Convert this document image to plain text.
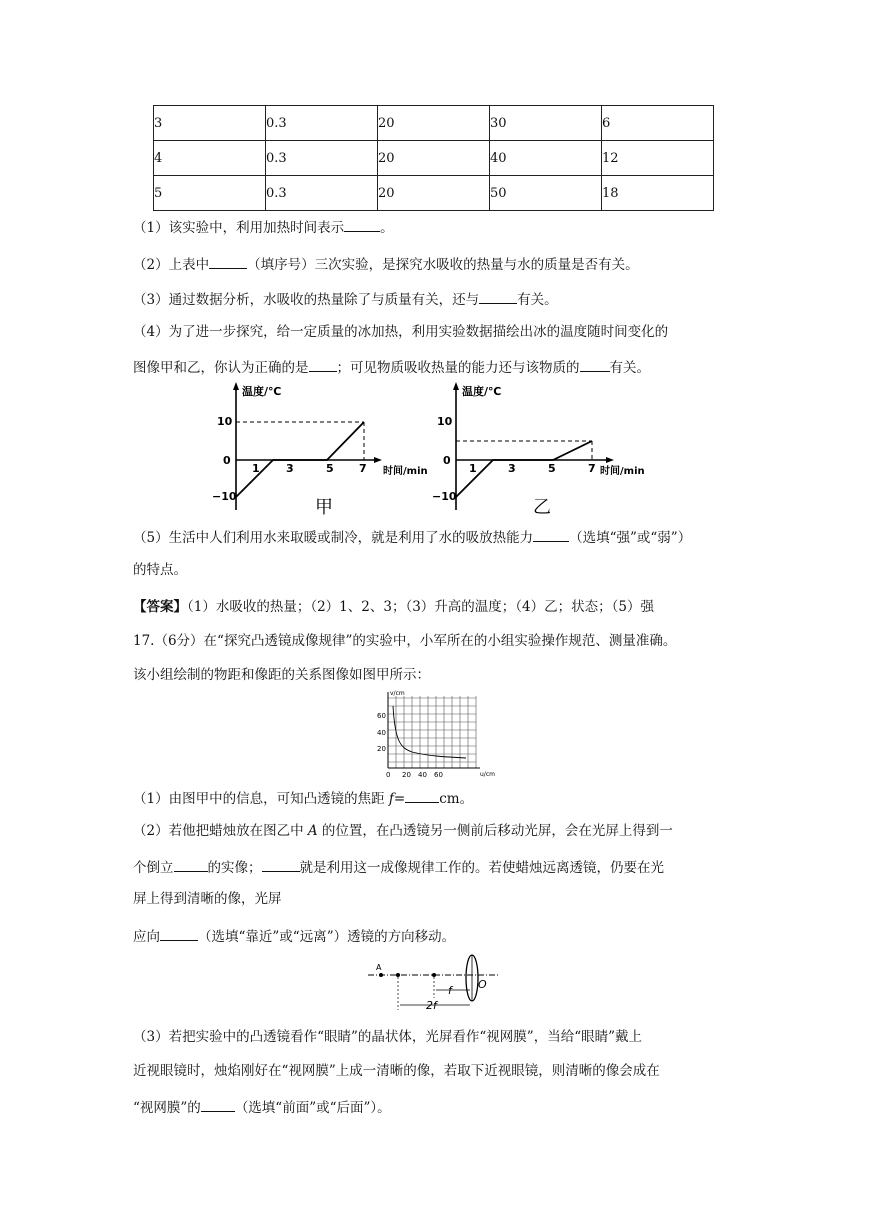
3	0.3	20	30	6
4	0.3	20	40	12
5	0.3	20	50	18
（1）该实验中，利用加热时间表示	。
（2）上表中	（填序号）三次实验，是探究水吸收的热量与水的质量是否有关。
（3）通过数据分析，水吸收的热量除了与质量有关，还与	有关。
（4）为了进一步探究，给一定质量的冰加热，利用实验数据描绘出冰的温度随时间变化的
图像甲和乙，你认为正确的是 ；可见物质吸收热量的能力还与该物质的 有关。
温度/℃
时间/min
10
0
−10
1 3	5 7
甲
温度/℃
时间/min
10
0
−10
1	3	5	7
乙
（5）生活中人们利用水来取暖或制冷，就是利用了水的吸放热能力	（选填“强”或“弱”）
的特点。
【答案】（1）水吸收的热量；（2）1、2、3；（3）升高的温度；（4）乙；状态；（5）强
17.（6分）在“探究凸透镜成像规律”的实验中，小军所在的小组实验操作规范、测量准确。
该小组绘制的物距和像距的关系图像如图甲所示：
v/cm
u/cm
60
40
20
0 20 40 60
（1）由图甲中的信息，可知凸透镜的焦距 f=	cm。
（2）若他把蜡烛放在图乙中 A 的位置，在凸透镜另一侧前后移动光屏，会在光屏上得到一
个倒立	的实像；	就是利用这一成像规律工作的。若使蜡烛远离透镜，仍要在光
屏上得到清晰的像，光屏
应向	（选填“靠近”或“远离”）透镜的方向移动。
A
f
2f
O
（3）若把实验中的凸透镜看作“眼睛”的晶状体，光屏看作“视网膜”，当给“眼睛”戴上
近视眼镜时，烛焰刚好在“视网膜”上成一清晰的像，若取下近视眼镜，则清晰的像会成在
“视网膜”的	（选填“前面”或“后面”）。
